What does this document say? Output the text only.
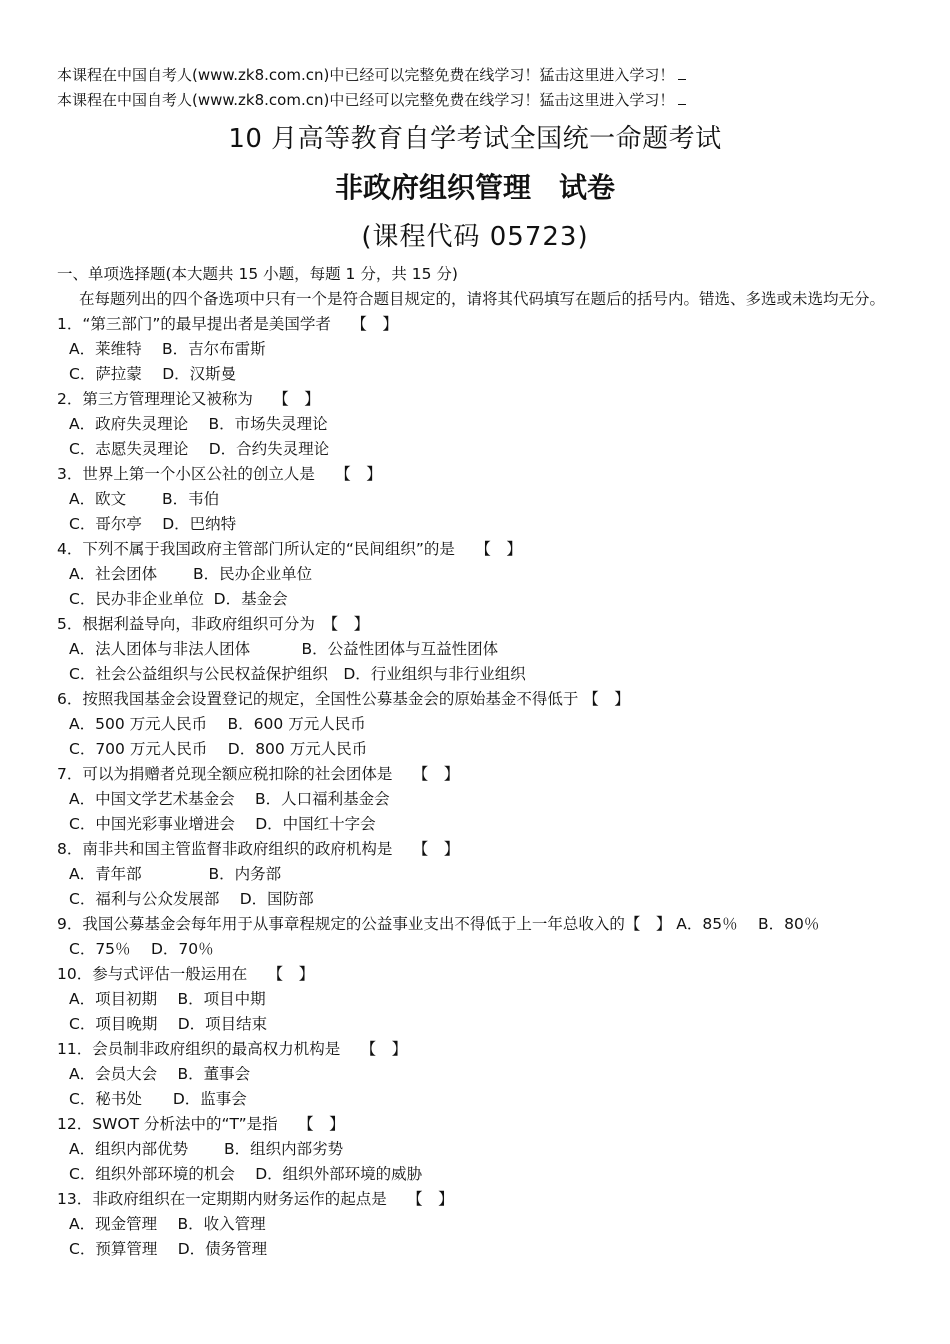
本课程在中国自考人(www.zk8.com.cn)中已经可以完整免费在线学习！猛击这里进入学习！
本课程在中国自考人(www.zk8.com.cn)中已经可以完整免费在线学习！猛击这里进入学习！
10 月高等教育自学考试全国统一命题考试
非政府组织管理　试卷
(课程代码 05723)
一、单项选择题(本大题共 15 小题，每题 1 分，共 15 分)
在每题列出的四个备选项中只有一个是符合题目规定的，请将其代码填写在题后的括号内。错选、多选或未选均无分。
1．“第三部门”的最早提出者是美国学者　 【　】
A．莱维特　 B．吉尔布雷斯
C．萨拉蒙　 D．汉斯曼
2．第三方管理理论又被称为　 【　】
A．政府失灵理论　 B．市场失灵理论
C．志愿失灵理论　 D．合约失灵理论
3．世界上第一个小区公社的创立人是　 【　】
A．欧文　　 B．韦伯
C．哥尔亭　 D．巴纳特
4．下列不属于我国政府主管部门所认定的“民间组织”的是　 【　】
A．社会团体　　 B．民办企业单位
C．民办非企业单位  D．基金会
5．根据利益导向，非政府组织可分为　【　】
A．法人团体与非法人团体　　　 B．公益性团体与互益性团体
C．社会公益组织与公民权益保护组织　D．行业组织与非行业组织
6．按照我国基金会设置登记的规定，全国性公募基金会的原始基金不得低于 【　】
A．500 万元人民币　 B．600 万元人民币
C．700 万元人民币　 D．800 万元人民币
7．可以为捐赠者兑现全额应税扣除的社会团体是　 【　】
A．中国文学艺术基金会　 B．人口福利基金会
C．中国光彩事业增进会　 D．中国红十字会
8．南非共和国主管监督非政府组织的政府机构是　 【　】
A．青年部　　　　 B．内务部
C．福利与公众发展部　 D．国防部
9．我国公募基金会每年用于从事章程规定的公益事业支出不得低于上一年总收入的【　】 A．85％　 B．80％
C．75％　 D．70％
10．参与式评估一般运用在　 【　】
A．项目初期　 B．项目中期
C．项目晚期　 D．项目结束
11．会员制非政府组织的最高权力机构是　 【　】
A．会员大会　 B．董事会
C．秘书处　　D．监事会
12．SWOT 分析法中的“T”是指　 【　】
A．组织内部优势　　 B．组织内部劣势
C．组织外部环境的机会　 D．组织外部环境的威胁
13．非政府组织在一定期期内财务运作的起点是　 【　】
A．现金管理　 B．收入管理
C．预算管理　 D．债务管理
